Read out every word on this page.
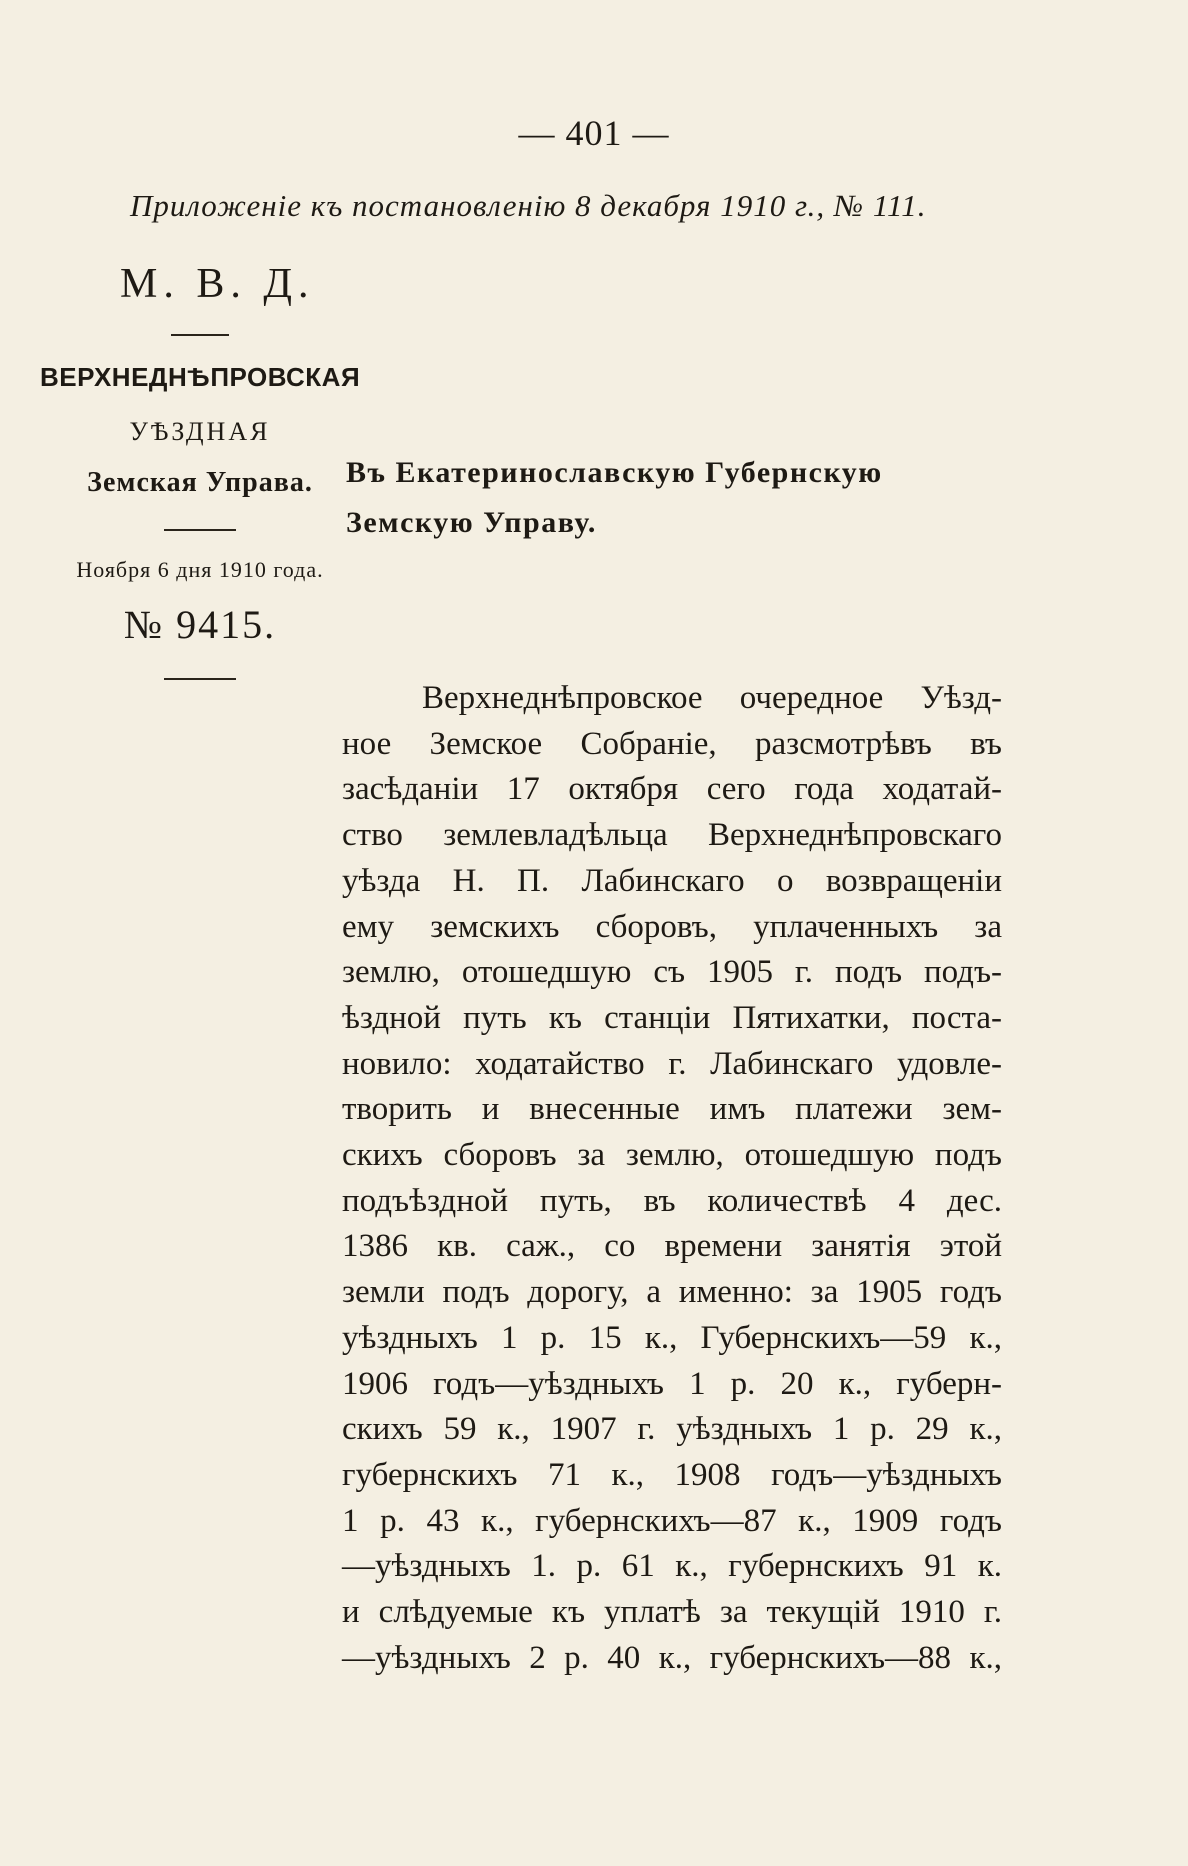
— 401 —
Приложенiе къ постановленiю 8 декабря 1910 г., № 111.
М. В. Д.
ВЕРХНЕДНѢПРОВСКАЯ
УѢЗДНАЯ
Земская Управа.
Ноября 6 дня 1910 года.
№ 9415.
Въ Екатеринославскую Губернскую
Земскую Управу.
Верхнеднѣпровское очередное Уѣзд-
ное Земское Собранiе, разсмотрѣвъ въ
засѣданiи 17 октября сего года ходатай-
ство землевладѣльца Верхнеднѣпровскаго
уѣзда Н. П. Лабинскаго о возвращенiи
ему земскихъ сборовъ, уплаченныхъ за
землю, отошедшую съ 1905 г. подъ подъ-
ѣздной путь къ станцiи Пятихатки, поста-
новило: ходатайство г. Лабинскаго удовле-
творить и внесенные имъ платежи зем-
скихъ сборовъ за землю, отошедшую подъ
подъѣздной путь, въ количествѣ 4 дес.
1386 кв. саж., со времени занятiя этой
земли подъ дорогу, а именно: за 1905 годъ
уѣздныхъ 1 р. 15 к., Губернскихъ—59 к.,
1906 годъ—уѣздныхъ 1 р. 20 к., губерн-
скихъ 59 к., 1907 г. уѣздныхъ 1 р. 29 к.,
губернскихъ 71 к., 1908 годъ—уѣздныхъ
1 р. 43 к., губернскихъ—87 к., 1909 годъ
—уѣздныхъ 1. р. 61 к., губернскихъ 91 к.
и слѣдуемые къ уплатѣ за текущiй 1910 г.
—уѣздныхъ 2 р. 40 к., губернскихъ—88 к.,
